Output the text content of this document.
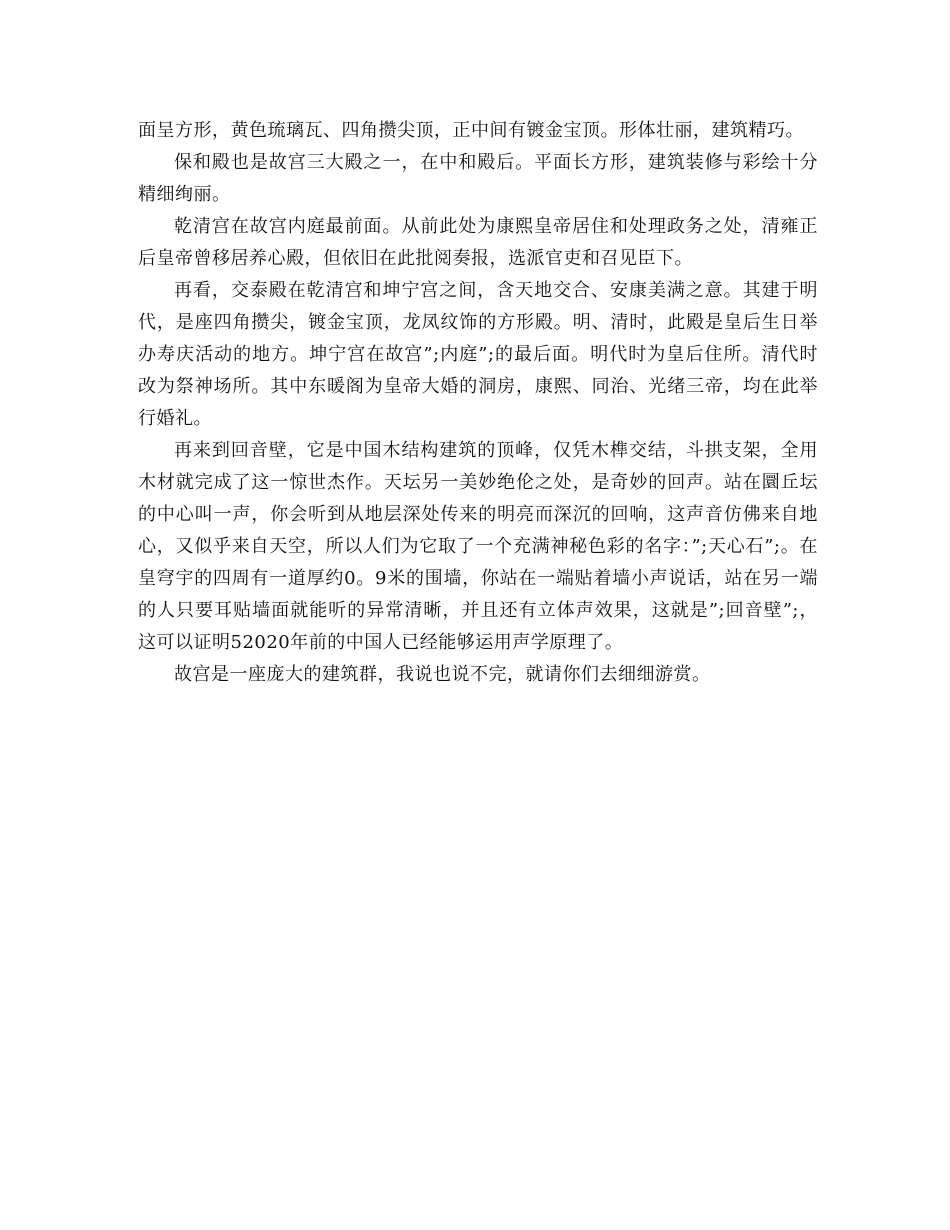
面呈方形，黄色琉璃瓦、四角攒尖顶，正中间有镀金宝顶。形体壮丽，建筑精巧。

保和殿也是故宫三大殿之一，在中和殿后。平面长方形，建筑装修与彩绘十分精细绚丽。

乾清宫在故宫内庭最前面。从前此处为康熙皇帝居住和处理政务之处，清雍正后皇帝曾移居养心殿，但依旧在此批阅奏报，选派官吏和召见臣下。

再看，交泰殿在乾清宫和坤宁宫之间，含天地交合、安康美满之意。其建于明代，是座四角攒尖，镀金宝顶，龙凤纹饰的方形殿。明、清时，此殿是皇后生日举办寿庆活动的地方。坤宁宫在故宫”;内庭”;的最后面。明代时为皇后住所。清代时改为祭神场所。其中东暖阁为皇帝大婚的洞房，康熙、同治、光绪三帝，均在此举行婚礼。

再来到回音壁，它是中国木结构建筑的顶峰，仅凭木榫交结，斗拱支架，全用木材就完成了这一惊世杰作。天坛另一美妙绝伦之处，是奇妙的回声。站在圜丘坛的中心叫一声，你会听到从地层深处传来的明亮而深沉的回响，这声音仿佛来自地心，又似乎来自天空，所以人们为它取了一个充满神秘色彩的名字：”;天心石”;。在皇穹宇的四周有一道厚约0。9米的围墙，你站在一端贴着墙小声说话，站在另一端的人只要耳贴墙面就能听的异常清晰，并且还有立体声效果，这就是”;回音壁”;，这可以证明52020年前的中国人已经能够运用声学原理了。

故宫是一座庞大的建筑群，我说也说不完，就请你们去细细游赏。
